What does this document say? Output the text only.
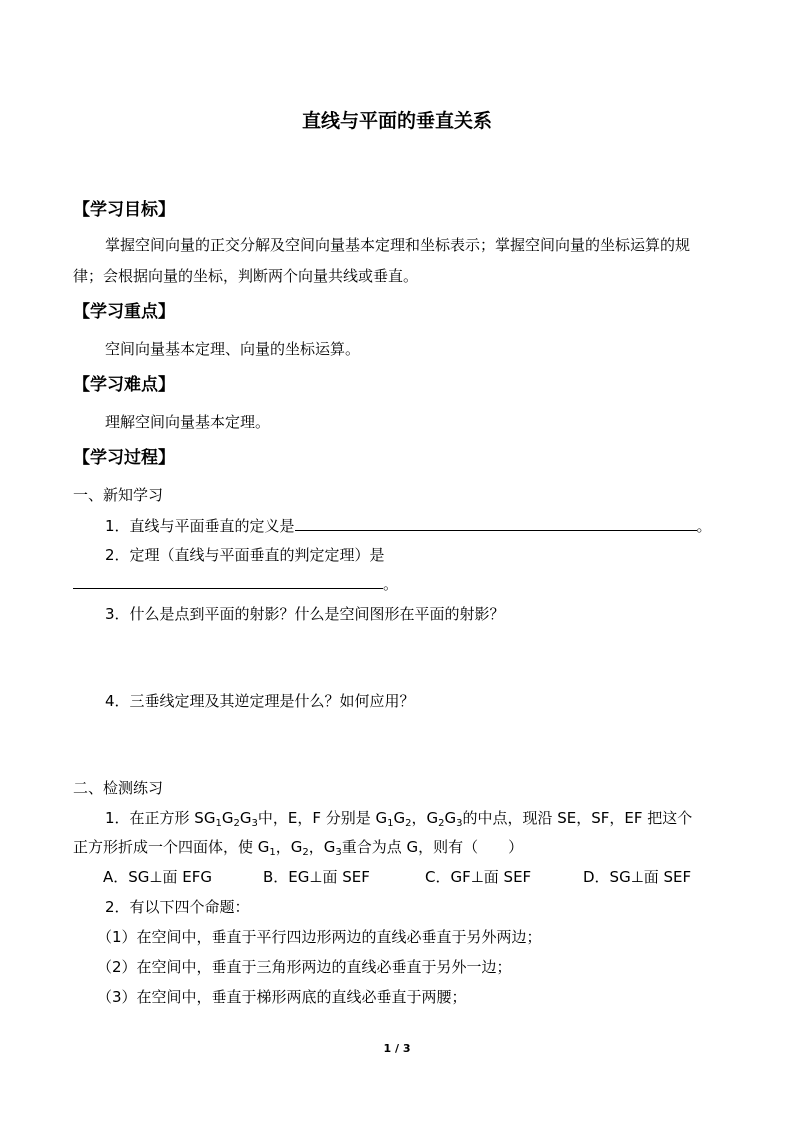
直线与平面的垂直关系
【学习目标】
掌握空间向量的正交分解及空间向量基本定理和坐标表示；掌握空间向量的坐标运算的规律；会根据向量的坐标，判断两个向量共线或垂直。
【学习重点】
空间向量基本定理、向量的坐标运算。
【学习难点】
理解空间向量基本定理。
【学习过程】
一、新知学习
1．直线与平面垂直的定义是	。
2．定理（直线与平面垂直的判定定理）是
。
3．什么是点到平面的射影？什么是空间图形在平面的射影？
4．三垂线定理及其逆定理是什么？如何应用？
二、检测练习
1．在正方形 $SG_1G_2G_3$中，E，F 分别是 $G_1G_2$，$G_2G_3$的中点，现沿 SE，SF，EF 把这个
正方形折成一个四面体，使 $G_1$，$G_2$，$G_3$重合为点 G，则有（　　）
A．SG⊥面 EFG	B．EG⊥面 SEF	C．GF⊥面 SEF	D．SG⊥面 SEF
2．有以下四个命题：
（1）在空间中，垂直于平行四边形两边的直线必垂直于另外两边；
（2）在空间中，垂直于三角形两边的直线必垂直于另外一边；
（3）在空间中，垂直于梯形两底的直线必垂直于两腰；
1 / 3
